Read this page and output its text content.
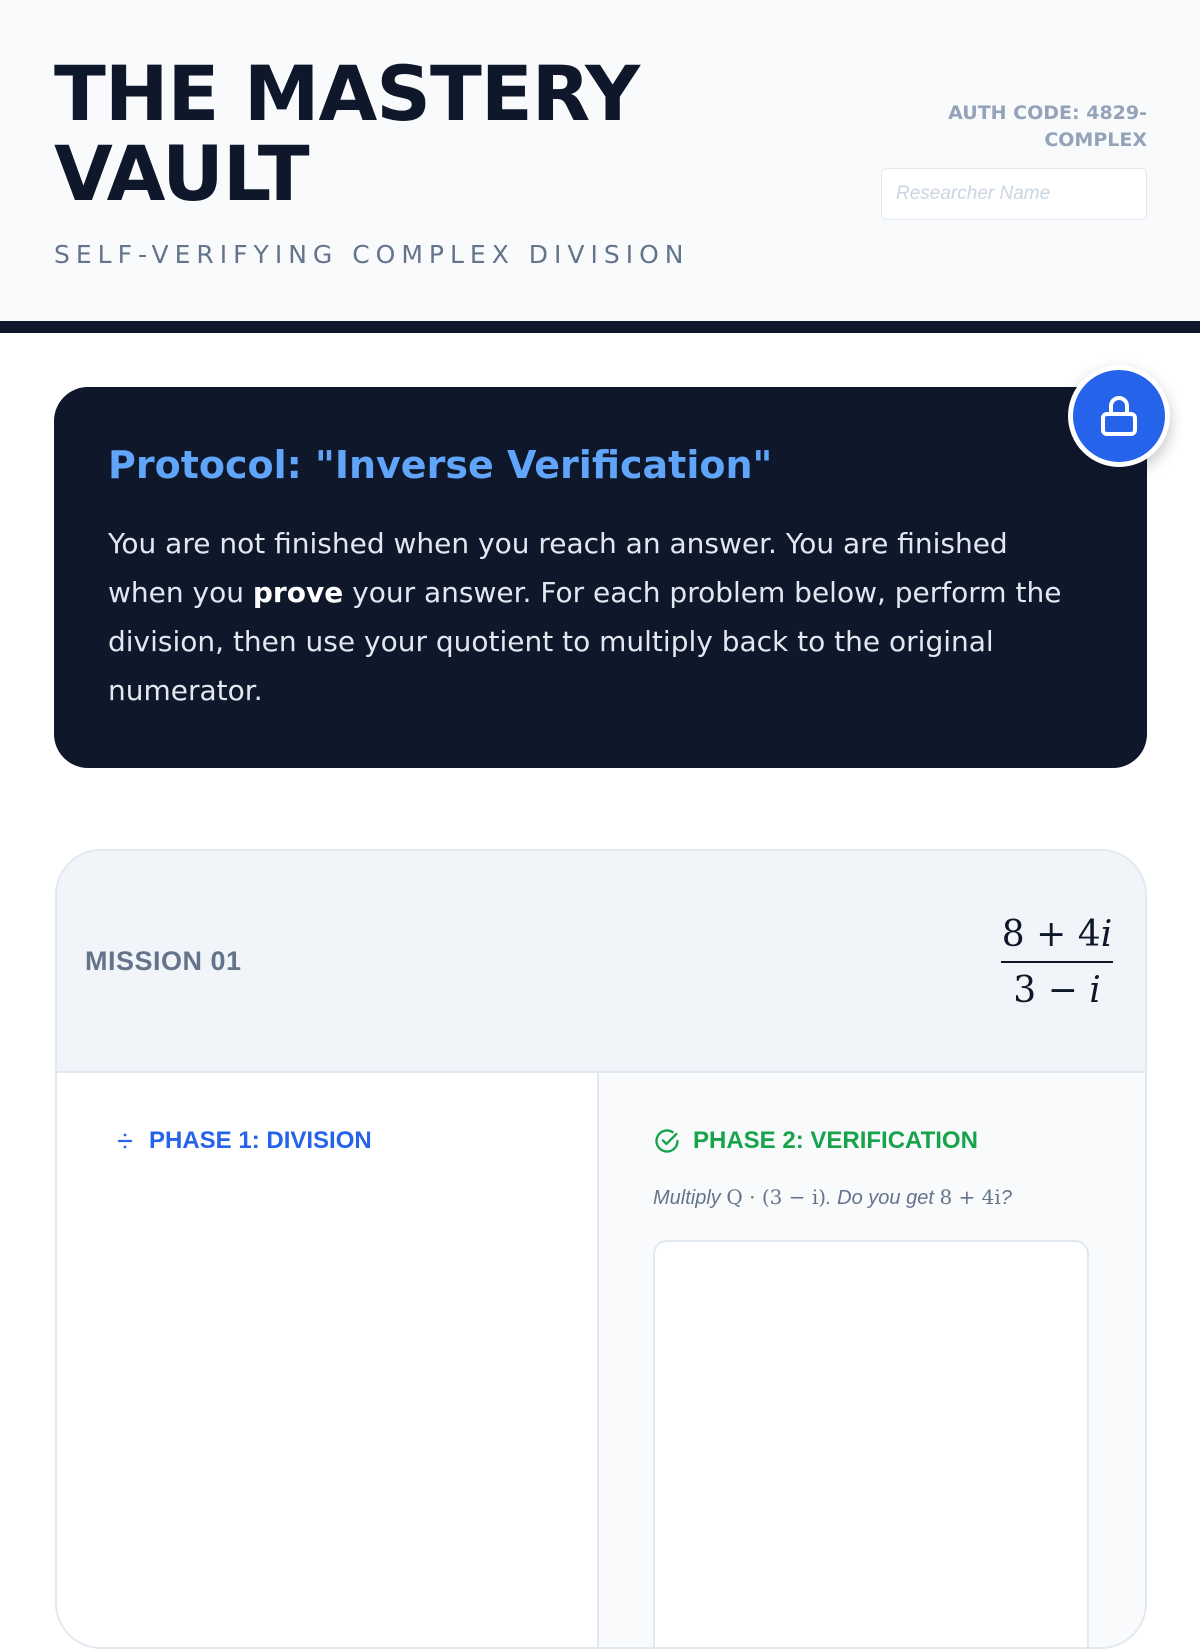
THE MASTERY VAULT
SELF-VERIFYING COMPLEX DIVISION
AUTH CODE: 4829-COMPLEX
Researcher Name
Protocol: "Inverse Verification"

You are not finished when you reach an answer. You are finished when you prove your answer. For each problem below, perform the division, then use your quotient to multiply back to the original numerator.

MISSION 01
8 + 4i
3 − i
PHASE 1: DIVISION	PHASE 2: VERIFICATION
Multiply Q · (3 − i). Do you get 8 + 4i?
